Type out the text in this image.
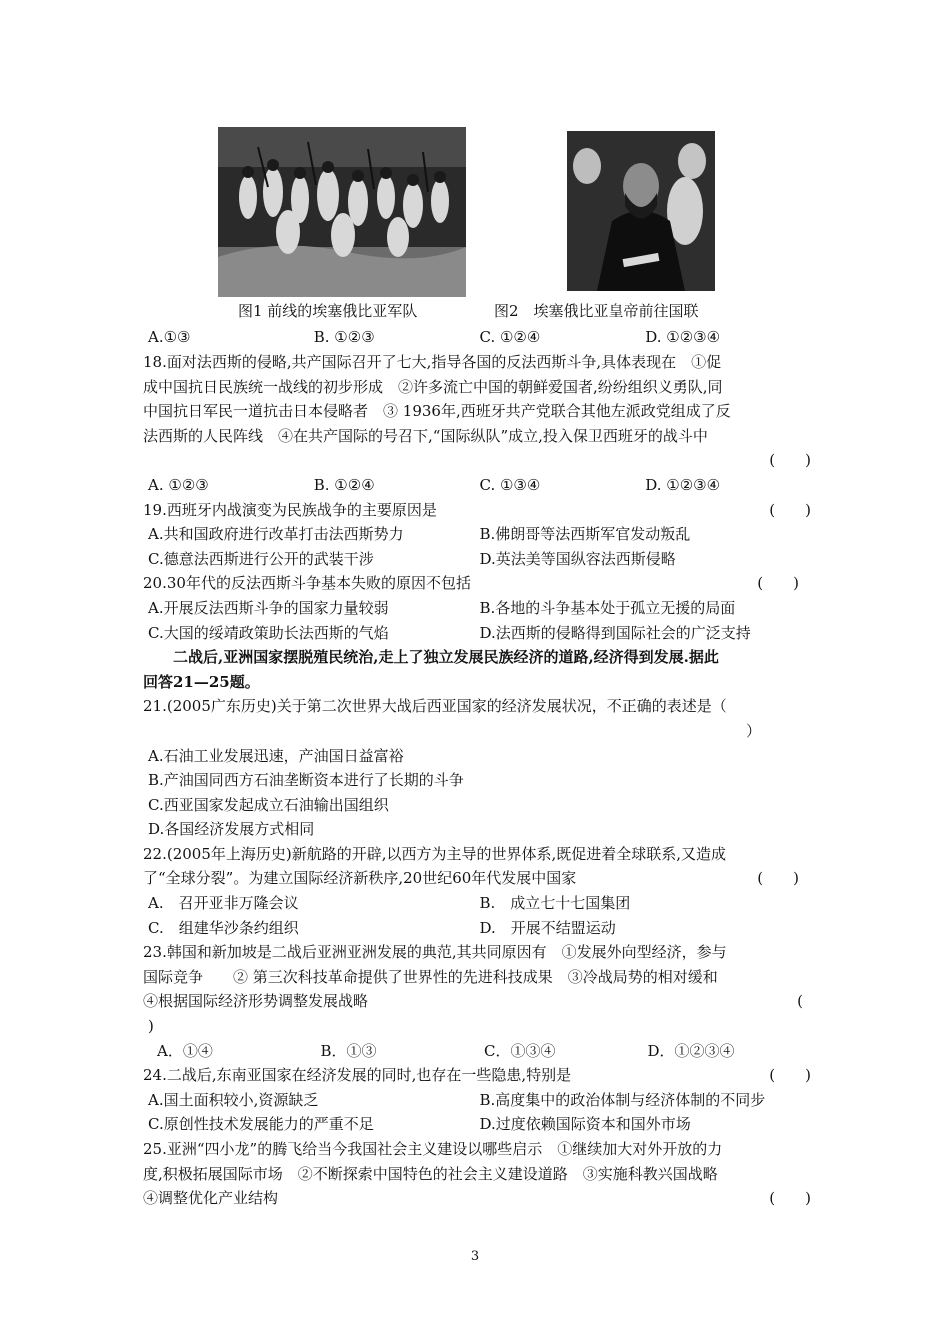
图1 前线的埃塞俄比亚军队	图2　埃塞俄比亚皇帝前往国联
A.①③	B. ①②③	C. ①②④	D. ①②③④
18.面对法西斯的侵略,共产国际召开了七大,指导各国的反法西斯斗争,具体表现在　①促
成中国抗日民族统一战线的初步形成　②许多流亡中国的朝鲜爱国者,纷纷组织义勇队,同
中国抗日军民一道抗击日本侵略者　③ 1936年,西班牙共产党联合其他左派政党组成了反
法西斯的人民阵线　④在共产国际的号召下,“国际纵队”成立,投入保卫西班牙的战斗中
(　　)
A. ①②③	B. ①②④	C. ①③④	D. ①②③④
19.西班牙内战演变为民族战争的主要原因是	(　　)
A.共和国政府进行改革打击法西斯势力	B.佛朗哥等法西斯军官发动叛乱
C.德意法西斯进行公开的武装干涉	D.英法美等国纵容法西斯侵略
20.30年代的反法西斯斗争基本失败的原因不包括	(　　)
A.开展反法西斯斗争的国家力量较弱	B.各地的斗争基本处于孤立无援的局面
C.大国的绥靖政策助长法西斯的气焰	D.法西斯的侵略得到国际社会的广泛支持
二战后,亚洲国家摆脱殖民统治,走上了独立发展民族经济的道路,经济得到发展.据此
回答21—25题。
21.(2005广东历史)关于第二次世界大战后西亚国家的经济发展状况，不正确的表述是（
）
A.石油工业发展迅速，产油国日益富裕
B.产油国同西方石油垄断资本进行了长期的斗争
C.西亚国家发起成立石油输出国组织
D.各国经济发展方式相同
22.(2005年上海历史)新航路的开辟,以西方为主导的世界体系,既促进着全球联系,又造成
了“全球分裂”。为建立国际经济新秩序,20世纪60年代发展中国家	(　　)
A.　召开亚非万隆会议	B.　成立七十七国集团
C.　组建华沙条约组织	D.　开展不结盟运动
23.韩国和新加坡是二战后亚洲亚洲发展的典范,其共同原因有　①发展外向型经济，参与
国际竞争　　② 第三次科技革命提供了世界性的先进科技成果　③冷战局势的相对缓和
④根据国际经济形势调整发展战略	(
)
A．①④	B．①③	C．①③④	D．①②③④
24.二战后,东南亚国家在经济发展的同时,也存在一些隐患,特别是	(　　)
A.国土面积较小,资源缺乏	B.高度集中的政治体制与经济体制的不同步
C.原创性技术发展能力的严重不足	D.过度依赖国际资本和国外市场
25.亚洲“四小龙”的腾飞给当今我国社会主义建设以哪些启示　①继续加大对外开放的力
度,积极拓展国际市场　②不断探索中国特色的社会主义建设道路　③实施科教兴国战略
④调整优化产业结构	(　　)
3
